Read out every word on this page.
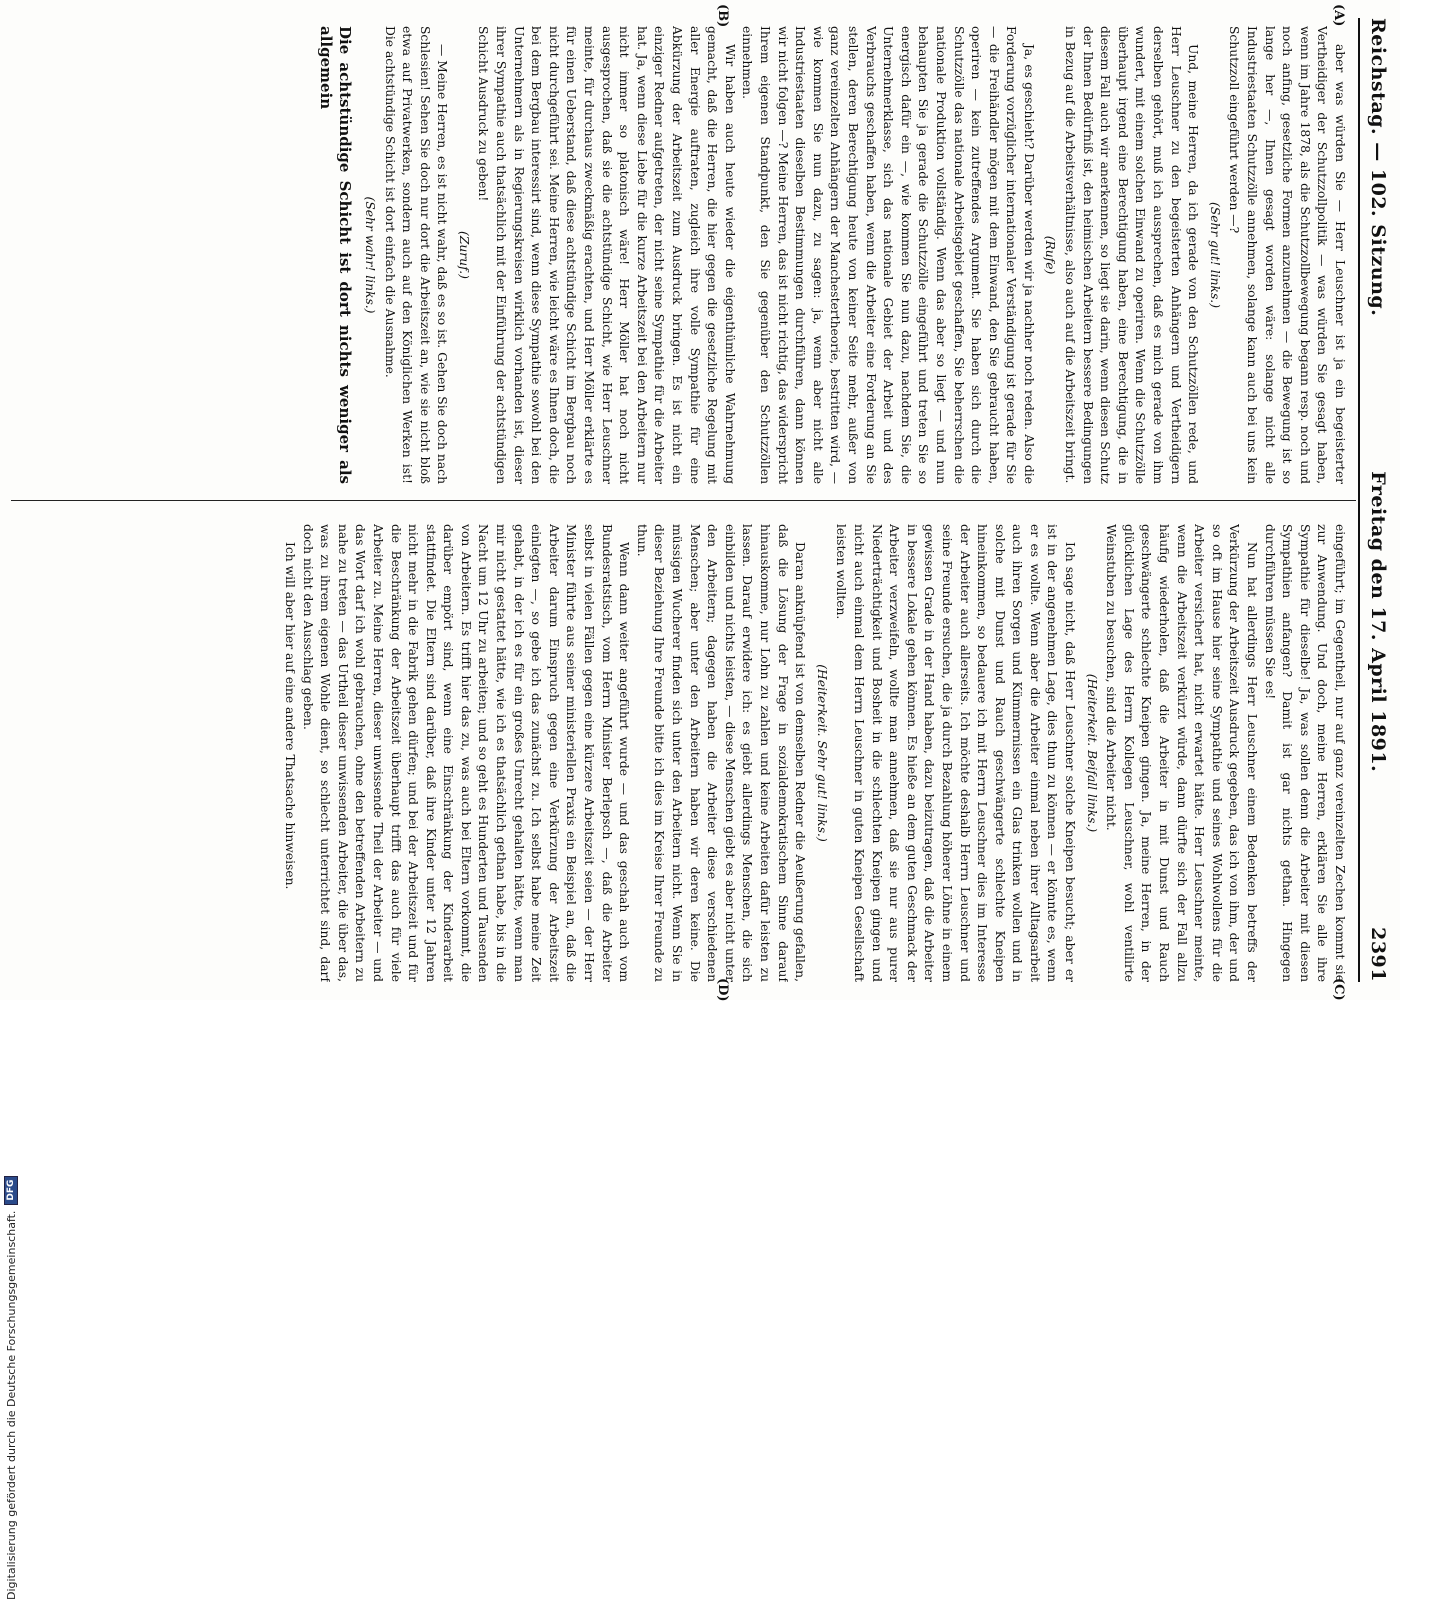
Reichstag. — 102. Sitzung.
Freitag den 17. April 1891.
2391
(A)
(B)
(C)
(D)

aber was würden Sie — Herr Leuschner ist ja ein begeisterter Vertheidiger der Schutzzollpolitik — was würden Sie gesagt haben, wenn im Jahre 1878, als die Schutzzollbewegung begann resp. noch und noch anfing, gesetzliche Formen anzunehmen — die Bewegung ist so lange her —, Ihnen gesagt worden wäre: solange nicht alle Industriestaaten Schutzzölle annehmen, solange kann auch bei uns kein Schutzzoll eingeführt werden —?

(Sehr gut! links.)

Und, meine Herren, da ich gerade von den Schutzzöllen rede, und Herr Leuschner zu den begeisterten Anhängern und Vertheidigern derselben gehört, muß ich aussprechen, daß es mich gerade von ihm wundert, mit einem solchen Einwand zu operiren. Wenn die Schutzzölle überhaupt irgend eine Berechtigung haben, eine Berechtigung, die in diesem Fall auch wir anerkennen, so liegt sie darin, wenn diesen Schutz der Ihnen Bedürfniß ist, den heimischen Arbeitern bessere Bedingungen in Bezug auf die Arbeitsverhältnisse, also auch auf die Arbeitszeit bringt.

(Rufe)

Ja, es geschieht? Darüber werden wir ja nachher noch reden. Also die Forderung vorzüglicher internationaler Verständigung ist gerade für Sie — die Freihändler mögen mit dem Einwand, den Sie gebraucht haben, operiren — kein zutreffendes Argument. Sie haben sich durch die Schutzzölle das nationale Arbeitsgebiet geschaffen, Sie beherrschen die nationale Produktion vollständig. Wenn das aber so liegt — und nun behaupten Sie ja gerade die Schutzzölle eingeführt und treten Sie so energisch dafür ein —, wie kommen Sie nun dazu, nachdem Sie, die Unternehmerklasse, sich das nationale Gebiet der Arbeit und des Verbrauchs geschaffen haben, wenn die Arbeiter eine Forderung an Sie stellen, deren Berechtigung heute von keiner Seite mehr, außer von ganz vereinzelten Anhängern der Manchestertheorie, bestritten wird, — wie kommen Sie nun dazu, zu sagen: ja, wenn aber nicht alle Industriestaaten dieselben Bestimmungen durchführen, dann können wir nicht folgen —? Meine Herren, das ist nicht richtig, das widerspricht Ihrem eigenen Standpunkt, den Sie gegenüber den Schutzzöllen einnehmen.

Wir haben auch heute wieder die eigenthümliche Wahrnehmung gemacht, daß die Herren, die hier gegen die gesetzliche Regelung mit aller Energie auftraten, zugleich ihre volle Sympathie für eine Abkürzung der Arbeitszeit zum Ausdruck bringen. Es ist nicht ein einziger Redner aufgetreten, der nicht seine Sympathie für die Arbeiter hat. Ja, wenn diese Liebe für die kurze Arbeitszeit bei den Arbeitern nur nicht immer so platonisch wäre! Herr Möller hat noch nicht ausgesprochen, daß sie die achtstündige Schicht, wie Herr Leuschner meinte, für durchaus zweckmäßig erachten, und Herr Möller erklärte es für einen Ueberstand, daß diese achtstündige Schicht im Bergbau noch nicht durchgeführt sei. Meine Herren, wie leicht wäre es Ihnen doch, die bei dem Bergbau interessirt sind, wenn diese Sympathie sowohl bei den Unternehmern als in Regierungskreisen wirklich vorhanden ist, dieser ihrer Sympathie auch thatsächlich mit der Einführung der achtstündigen Schicht Ausdruck zu geben!

(Zuruf.)

— Meine Herren, es ist nicht wahr, daß es so ist. Gehen Sie doch nach Schlesien! Sehen Sie doch nur dort die Arbeitszeit an, wie sie nicht bloß etwa auf Privatwerken, sondern auch auf den Königlichen Werken ist! Die achtstündige Schicht ist dort einfach die Ausnahme.

(Sehr wahr! links.)

Die achtstündige Schicht ist dort nichts weniger als allgemein

eingeführt; im Gegentheil, nur auf ganz vereinzelten Zechen kommt sie zur Anwendung. Und doch, meine Herren, erklären Sie alle ihre Sympathie für dieselbe! Ja, was sollen denn die Arbeiter mit diesen Sympathien anfangen? Damit ist gar nichts gethan. Hingegen durchführen müssen Sie es!

Nun hat allerdings Herr Leuschner einem Bedenken betreffs der Verkürzung der Arbeitszeit Ausdruck gegeben, das ich von ihm, der und so oft im Hause hier seine Sympathie und seines Wohlwollens für die Arbeiter versichert hat, nicht erwartet hätte. Herr Leuschner meinte, wenn die Arbeitszeit verkürzt würde, dann dürfte sich der Fall allzu häufig wiederholen, daß die Arbeiter in mit Dunst und Rauch geschwängerte schlechte Kneipen gingen. Ja, meine Herren, in der glücklichen Lage des Herrn Kollegen Leuschner, wohl ventilirte Weinstuben zu besuchen, sind die Arbeiter nicht.

(Heiterkeit. Beifall links.)

Ich sage nicht, daß Herr Leuschner solche Kneipen besucht; aber er ist in der angenehmen Lage, dies thun zu können — er könnte es, wenn er es wollte. Wenn aber die Arbeiter einmal neben ihrer Alltagsarbeit auch ihren Sorgen und Kümmernissen ein Glas trinken wollen und in solche mit Dunst und Rauch geschwängerte schlechte Kneipen hineinkommen, so bedauere ich mit Herrn Leuschner dies im Interesse der Arbeiter auch allerseits. Ich möchte deshalb Herrn Leuschner und seine Freunde ersuchen, die ja durch Bezahlung höherer Löhne in einem gewissen Grade in der Hand haben, dazu beizutragen, daß die Arbeiter in bessere Lokale gehen können. Es hieße an dem guten Geschmack der Arbeiter verzweifeln, wollte man annehmen, daß sie nur aus purer Niederträchtigkeit und Bosheit in die schlechten Kneipen gingen und nicht auch einmal dem Herrn Leuschner in guten Kneipen Gesellschaft leisten wollten.

(Heiterkeit. Sehr gut! links.)

Daran anknüpfend ist von demselben Redner die Aeußerung gefallen, daß die Lösung der Frage in sozialdemokratischem Sinne darauf hinauskomme, nur Lohn zu zahlen und keine Arbeiten dafür leisten zu lassen. Darauf erwidere ich: es giebt allerdings Menschen, die sich einbilden und nichts leisten, — diese Menschen giebt es aber nicht unter den Arbeitern; dagegen haben die Arbeiter diese verschiedenen Menschen; aber unter den Arbeitern haben wir deren keine. Die müssigen Wucherer finden sich unter den Arbeitern nicht. Wenn Sie in dieser Beziehung Ihre Freunde bitte ich dies im Kreise Ihrer Freunde zu thun.

Wenn dann weiter angeführt wurde — und das geschah auch vom Bundesratstisch, vom Herrn Minister Berlepsch —, daß die Arbeiter selbst in vielen Fällen gegen eine kürzere Arbeitszeit seien — der Herr Minister führte aus seiner ministeriellen Praxis ein Beispiel an, daß die Arbeiter darum Einspruch gegen eine Verkürzung der Arbeitszeit einlegten —, so gebe ich das zunächst zu. Ich selbst habe meine Zeit gehabt, in der ich es für ein großes Unrecht gehalten hätte, wenn man mir nicht gestattet hätte, wie ich es thatsächlich gethan habe, bis in die Nacht um 12 Uhr zu arbeiten; und so geht es Hunderten und Tausenden von Arbeitern. Es trifft hier das zu, was auch bei Eltern vorkommt, die darüber empört sind, wenn eine Einschränkung der Kinderarbeit stattfindet. Die Eltern sind darüber, daß ihre Kinder unter 12 Jahren nicht mehr in die Fabrik gehen dürfen; und bei der Arbeitszeit und für die Beschränkung der Arbeitszeit überhaupt trifft das auch für viele Arbeiter zu. Meine Herren, dieser unwissende Theil der Arbeiter — und das Wort darf ich wohl gebrauchen, ohne den betreffenden Arbeitern zu nahe zu treten — das Urtheil dieser unwissenden Arbeiter, die über das, was zu ihrem eigenen Wohle dient, so schlecht unterrichtet sind, darf doch nicht den Ausschlag geben.

Ich will aber hier auf eine andere Thatsache hinweisen.

Digitalisierung gefördert durch die Deutsche Forschungsgemeinschaft.
DFG
